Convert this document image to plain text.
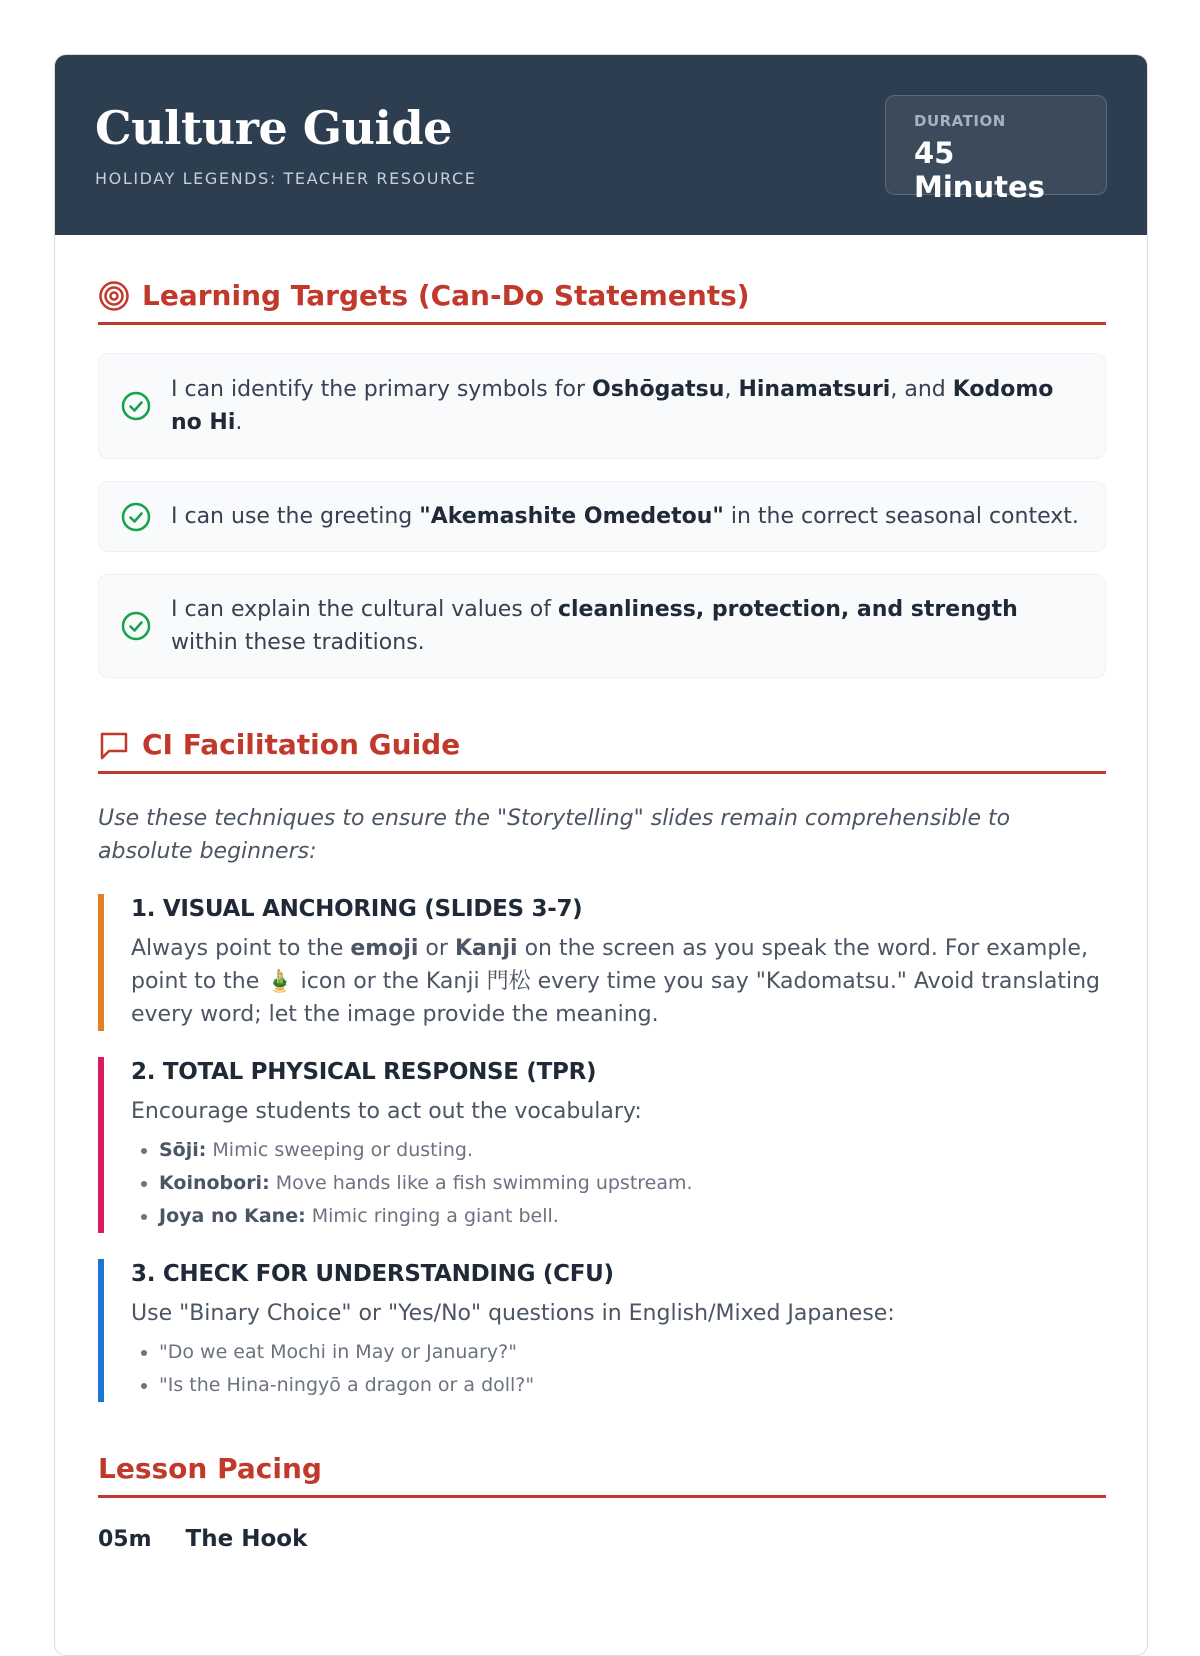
Culture Guide

HOLIDAY LEGENDS: TEACHER RESOURCE

DURATION
45 Minutes
Learning Targets (Can-Do Statements)
I can identify the primary symbols for Oshōgatsu, Hinamatsuri, and Kodomo no Hi.
I can use the greeting "Akemashite Omedetou" in the correct seasonal context.
I can explain the cultural values of cleanliness, protection, and strength within these traditions.
CI Facilitation Guide

Use these techniques to ensure the "Storytelling" slides remain comprehensible to absolute beginners:

1. VISUAL ANCHORING (SLIDES 3-7)

Always point to the emoji or Kanji on the screen as you speak the word. For example, point to the 🎍 icon or the Kanji 門松 every time you say "Kadomatsu." Avoid translating every word; let the image provide the meaning.

2. TOTAL PHYSICAL RESPONSE (TPR)

Encourage students to act out the vocabulary:

• Sōji: Mimic sweeping or dusting.
• Koinobori: Move hands like a fish swimming upstream.
• Joya no Kane: Mimic ringing a giant bell.
3. CHECK FOR UNDERSTANDING (CFU)

Use "Binary Choice" or "Yes/No" questions in English/Mixed Japanese:

• "Do we eat Mochi in May or January?"
• "Is the Hina-ningyō a dragon or a doll?"
Lesson Pacing
05m The Hook
